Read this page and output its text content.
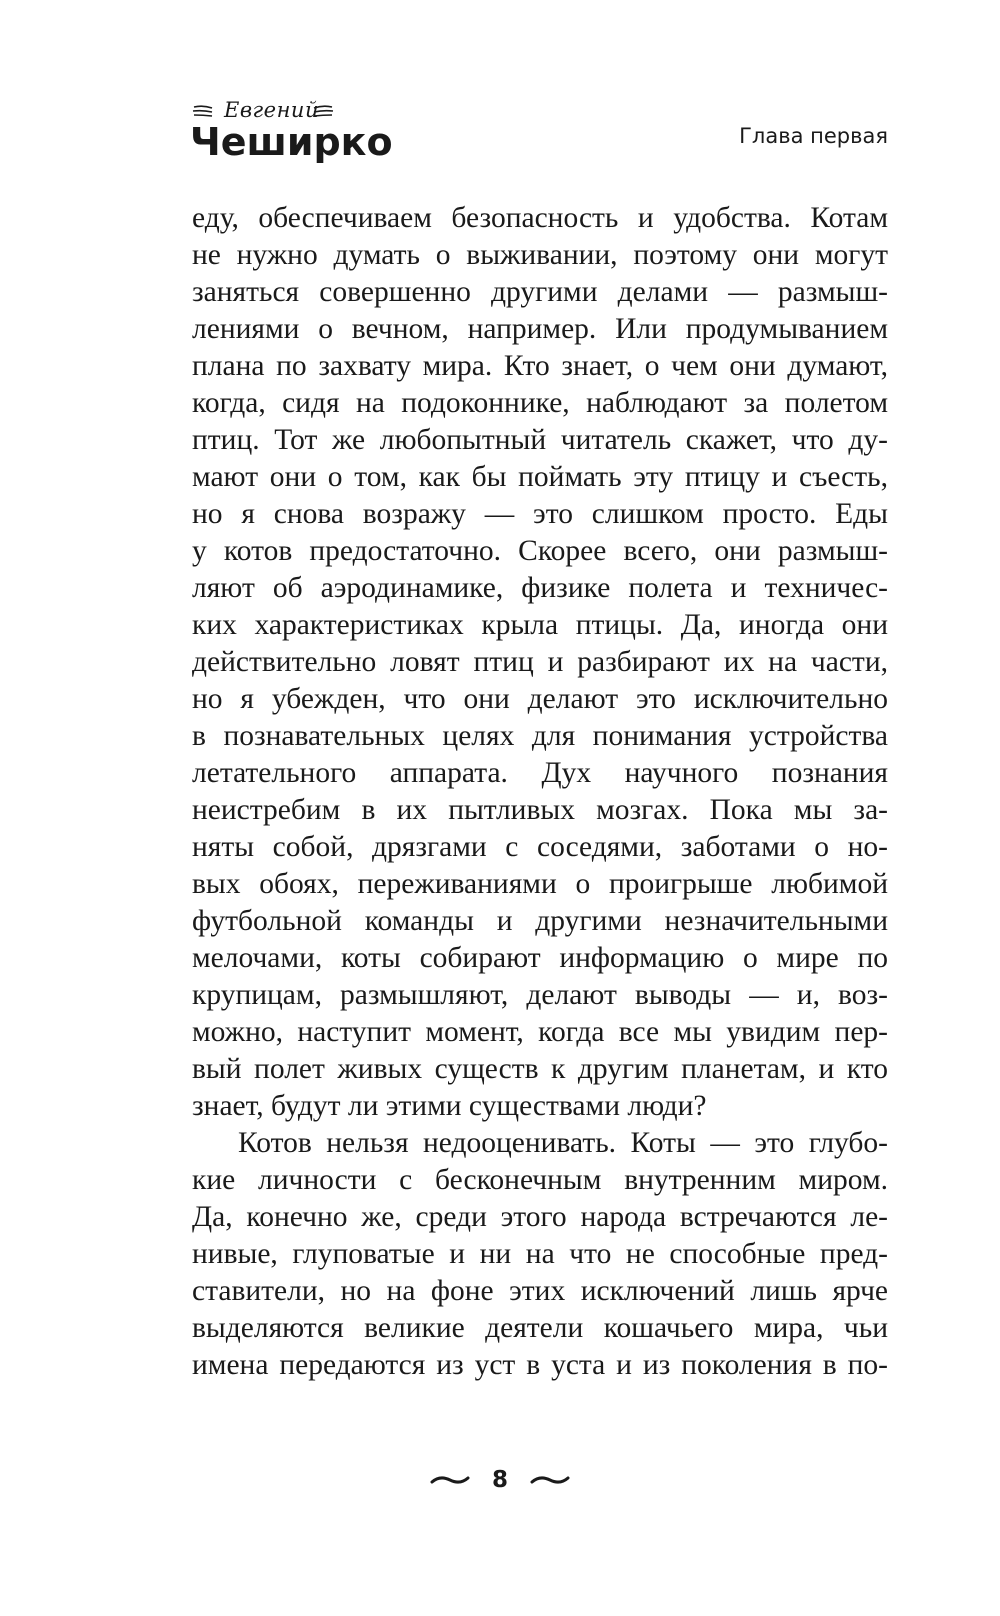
Евгений
Чеширко	Глава первая
еду, обеспечиваем безопасность и удобства. Котам
не нужно думать о выживании, поэтому они могут
заняться совершенно другими делами — размыш-
лениями о вечном, например. Или продумыванием
плана по захвату мира. Кто знает, о чем они думают,
когда, сидя на подоконнике, наблюдают за полетом
птиц. Тот же любопытный читатель скажет, что ду-
мают они о том, как бы поймать эту птицу и съесть,
но я снова возражу — это слишком просто. Еды
у котов предостаточно. Скорее всего, они размыш-
ляют об аэродинамике, физике полета и техничес-
ких характеристиках крыла птицы. Да, иногда они
действительно ловят птиц и разбирают их на части,
но я убежден, что они делают это исключительно
в познавательных целях для понимания устройства
летательного аппарата. Дух научного познания
неистребим в их пытливых мозгах. Пока мы за-
няты собой, дрязгами с соседями, заботами о но-
вых обоях, переживаниями о проигрыше любимой
футбольной команды и другими незначительными
мелочами, коты собирают информацию о мире по
крупицам, размышляют, делают выводы — и, воз-
можно, наступит момент, когда все мы увидим пер-
вый полет живых существ к другим планетам, и кто
знает, будут ли этими существами люди?
Котов нельзя недооценивать. Коты — это глубо-
кие личности с бесконечным внутренним миром.
Да, конечно же, среди этого народа встречаются ле-
нивые, глуповатые и ни на что не способные пред-
ставители, но на фоне этих исключений лишь ярче
выделяются великие деятели кошачьего мира, чьи
имена передаются из уст в уста и из поколения в по-
8
